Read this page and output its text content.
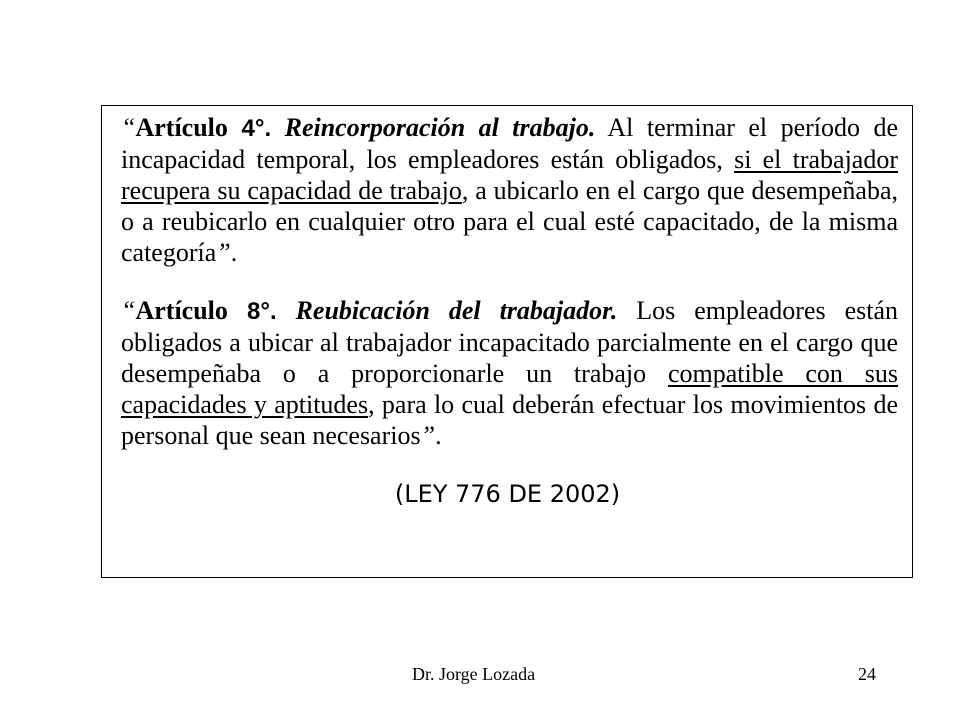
“Artículo 4°. Reincorporación al trabajo. Al terminar el período de incapacidad temporal, los empleadores están obligados, si el trabajador recupera su capacidad de trabajo, a ubicarlo en el cargo que desempeñaba, o a reubicarlo en cualquier otro para el cual esté capacitado, de la misma categoría”.

“Artículo 8°. Reubicación del trabajador. Los empleadores están obligados a ubicar al trabajador incapacitado parcialmente en el cargo que desempeñaba o a proporcionarle un trabajo compatible con sus capacidades y aptitudes, para lo cual deberán efectuar los movimientos de personal que sean necesarios”.

(LEY 776 DE 2002)

Dr. Jorge Lozada	24
